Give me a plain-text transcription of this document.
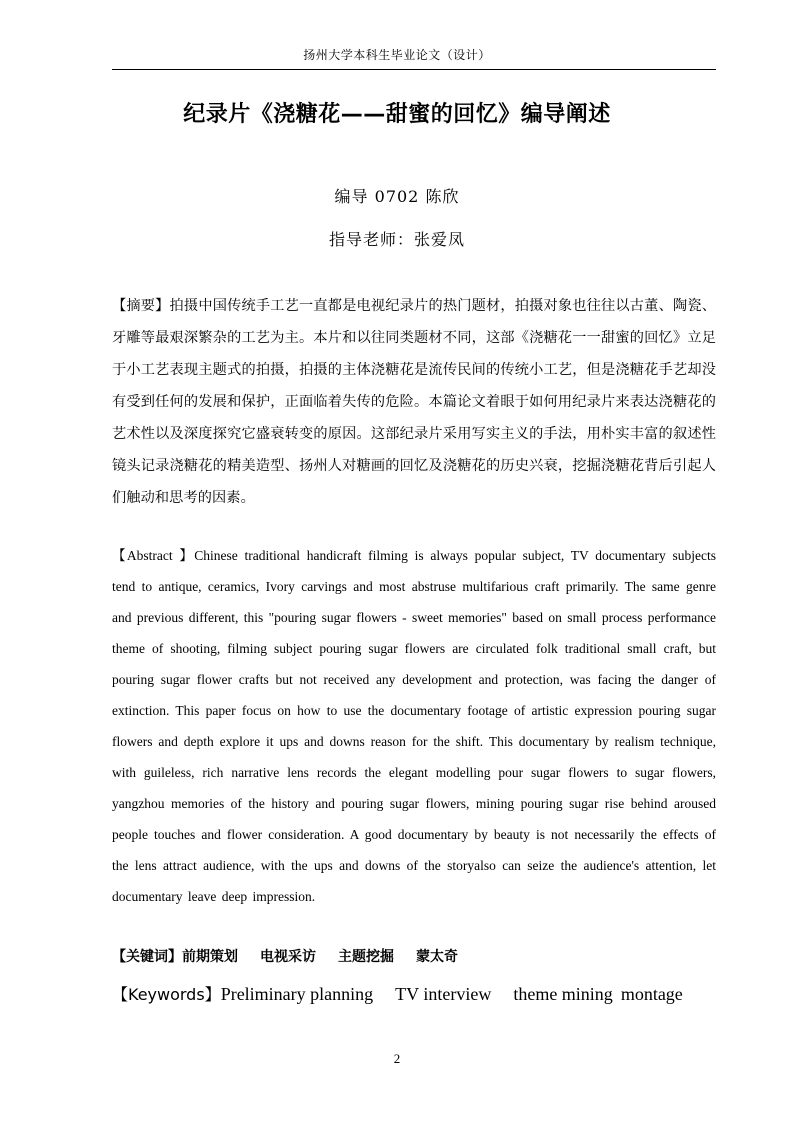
扬州大学本科生毕业论文（设计）
纪录片《浇糖花——甜蜜的回忆》编导阐述
编导 0702 陈欣
指导老师：张爱凤
【摘要】拍摄中国传统手工艺一直都是电视纪录片的热门题材，拍摄对象也往往以古董、陶瓷、牙雕等最艰深繁杂的工艺为主。本片和以往同类题材不同，这部《浇糖花一一甜蜜的回忆》立足于小工艺表现主题式的拍摄，拍摄的主体浇糖花是流传民间的传统小工艺，但是浇糖花手艺却没有受到任何的发展和保护，正面临着失传的危险。本篇论文着眼于如何用纪录片来表达浇糖花的艺术性以及深度探究它盛衰转变的原因。这部纪录片采用写实主义的手法，用朴实丰富的叙述性镜头记录浇糖花的精美造型、扬州人对糖画的回忆及浇糖花的历史兴衰，挖掘浇糖花背后引起人们触动和思考的因素。
【Abstract 】Chinese traditional handicraft filming is always popular subject, TV documentary subjects tend to antique, ceramics, Ivory carvings and most abstruse multifarious craft primarily. The same genre and previous different, this "pouring sugar flowers - sweet memories" based on small process performance theme of shooting, filming subject pouring sugar flowers are circulated folk traditional small craft, but pouring sugar flower crafts but not received any development and protection, was facing the danger of extinction. This paper focus on how to use the documentary footage of artistic expression pouring sugar flowers and depth explore it ups and downs reason for the shift. This documentary by realism technique, with guileless, rich narrative lens records the elegant modelling pour sugar flowers to sugar flowers, yangzhou memories of the history and pouring sugar flowers, mining pouring sugar rise behind aroused people touches and flower consideration. A good documentary by beauty is not necessarily the effects of the lens attract audience, with the ups and downs of the storyalso can seize the audience's attention, let documentary leave deep impression.
【关键词】前期策划 电视采访 主题挖掘 蒙太奇
【Keywords】Preliminary planning TV interview theme mining montage
2
